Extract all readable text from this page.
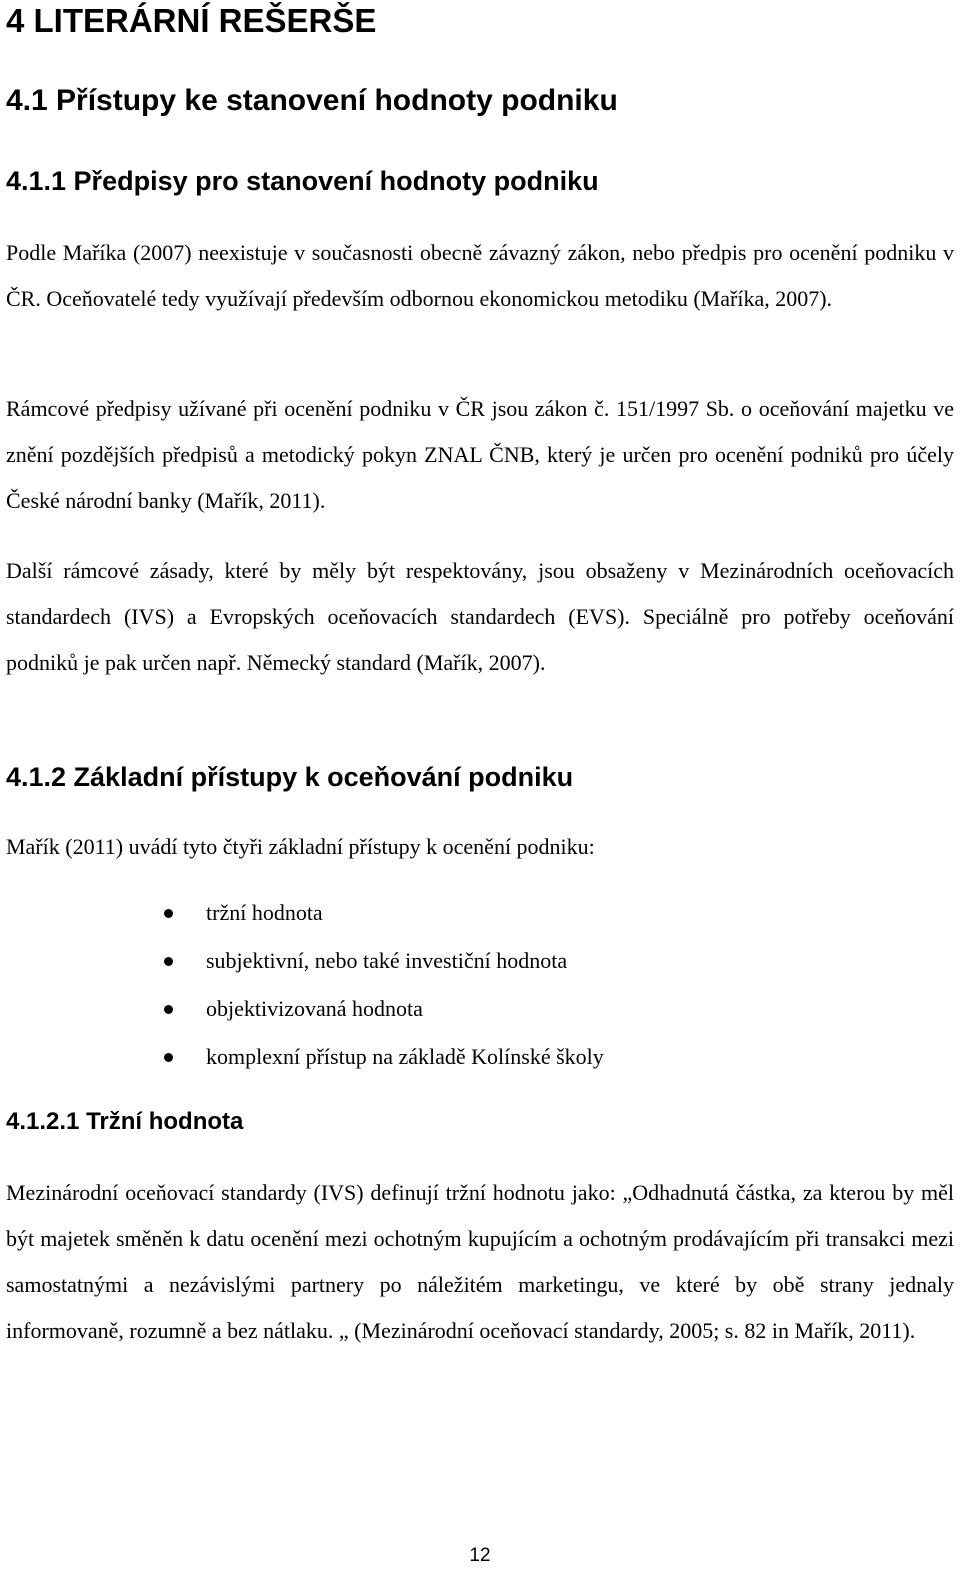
4 LITERÁRNÍ REŠERŠE
4.1 Přístupy ke stanovení hodnoty podniku
4.1.1 Předpisy pro stanovení hodnoty podniku

Podle Maříka (2007) neexistuje v současnosti obecně závazný zákon, nebo předpis pro ocenění podniku v ČR. Oceňovatelé tedy využívají především odbornou ekonomickou metodiku (Maříka, 2007).

Rámcové předpisy užívané při ocenění podniku v ČR jsou zákon č. 151/1997 Sb. o oceňování majetku ve znění pozdějších předpisů a metodický pokyn ZNAL ČNB, který je určen pro ocenění podniků pro účely České národní banky (Mařík, 2011).

Další rámcové zásady, které by měly být respektovány, jsou obsaženy v Mezinárodních oceňovacích standardech (IVS) a Evropských oceňovacích standardech (EVS). Speciálně pro potřeby oceňování podniků je pak určen např. Německý standard (Mařík, 2007).

4.1.2 Základní přístupy k oceňování podniku

Mařík (2011) uvádí tyto čtyři základní přístupy k ocenění podniku:

tržní hodnota
subjektivní, nebo také investiční hodnota
objektivizovaná hodnota
komplexní přístup na základě Kolínské školy
4.1.2.1 Tržní hodnota

Mezinárodní oceňovací standardy (IVS) definují tržní hodnotu jako: „Odhadnutá částka, za kterou by měl být majetek směněn k datu ocenění mezi ochotným kupujícím a ochotným prodávajícím při transakci mezi samostatnými a nezávislými partnery po náležitém marketingu, ve které by obě strany jednaly informovaně, rozumně a bez nátlaku. „ (Mezinárodní oceňovací standardy, 2005; s. 82 in Mařík, 2011).

12
